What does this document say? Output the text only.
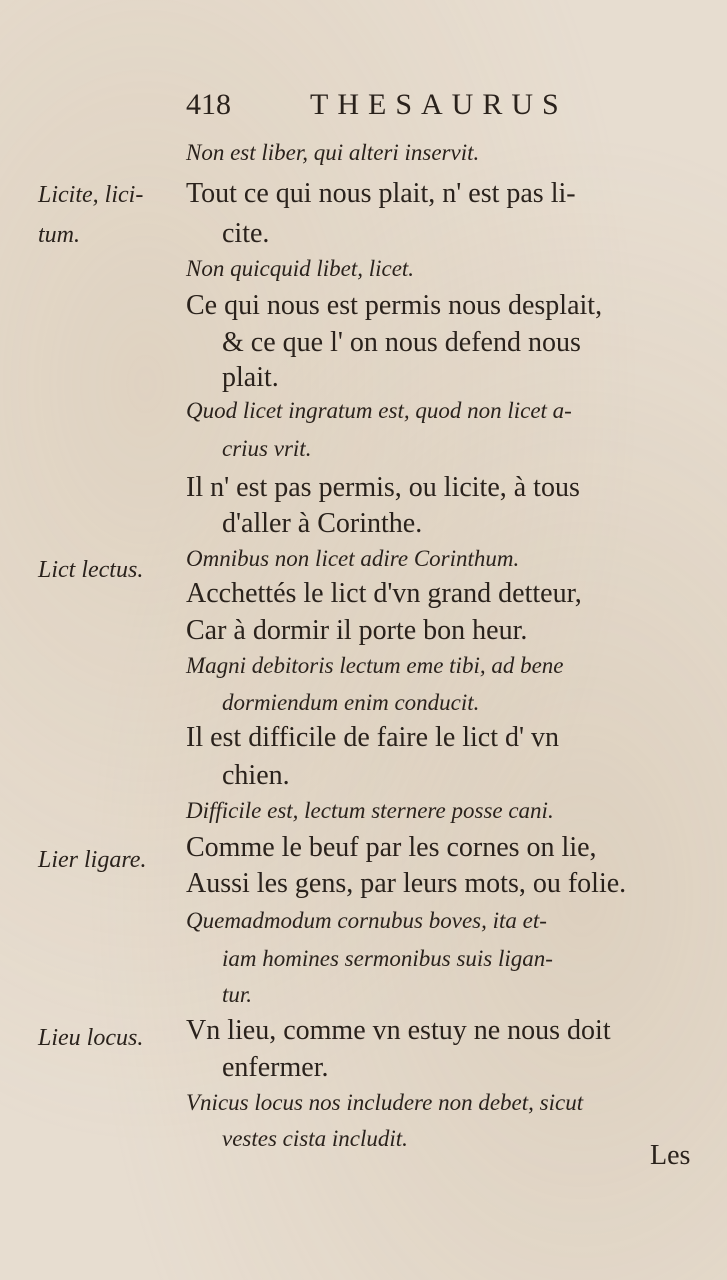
418	THESAURUS
Licite, lici-
tum.
Lict lectus.
Lier ligare.
Lieu locus.
Non est liber, qui alteri inservit.
Tout ce qui nous plait, n' est pas li-
cite.
Non quicquid libet, licet.
Ce qui nous est permis nous desplait,
& ce que l' on nous defend nous
plait.
Quod licet ingratum est, quod non licet a-
crius vrit.
Il n' est pas permis, ou licite, à tous
d'aller à Corinthe.
Omnibus non licet adire Corinthum.
Acchettés le lict d'vn grand detteur,
Car à dormir il porte bon heur.
Magni debitoris lectum eme tibi, ad bene
dormiendum enim conducit.
Il est difficile de faire le lict d' vn
chien.
Difficile est, lectum sternere posse cani.
Comme le beuf par les cornes on lie,
Aussi les gens, par leurs mots, ou folie.
Quemadmodum cornubus boves, ita et-
iam homines sermonibus suis ligan-
tur.
Vn lieu, comme vn estuy ne nous doit
enfermer.
Vnicus locus nos includere non debet, sicut
vestes cista includit.
Les
